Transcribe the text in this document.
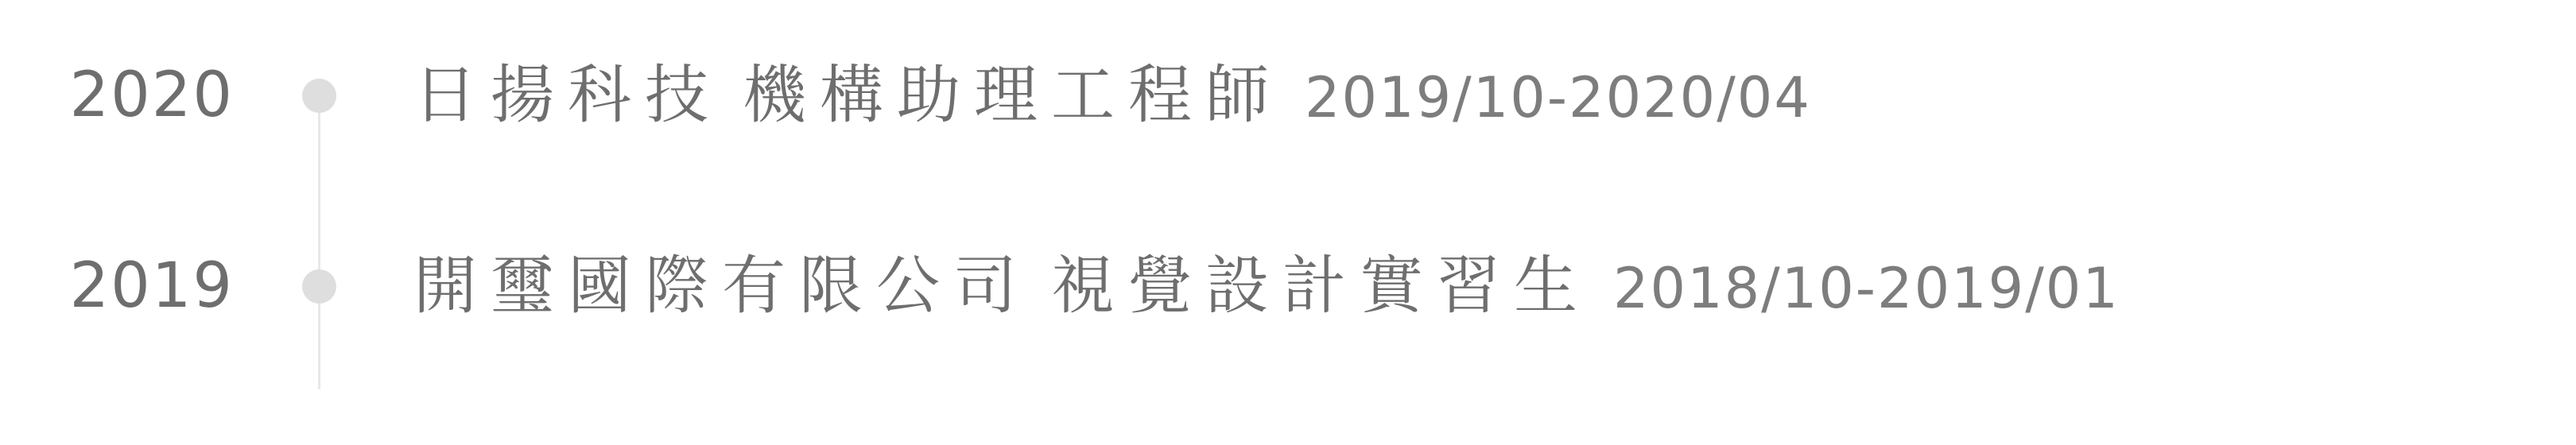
2020	日揚科技 機構助理工程師 2019/10-2020/04
2019	開璽國際有限公司 視覺設計實習生 2018/10-2019/01
